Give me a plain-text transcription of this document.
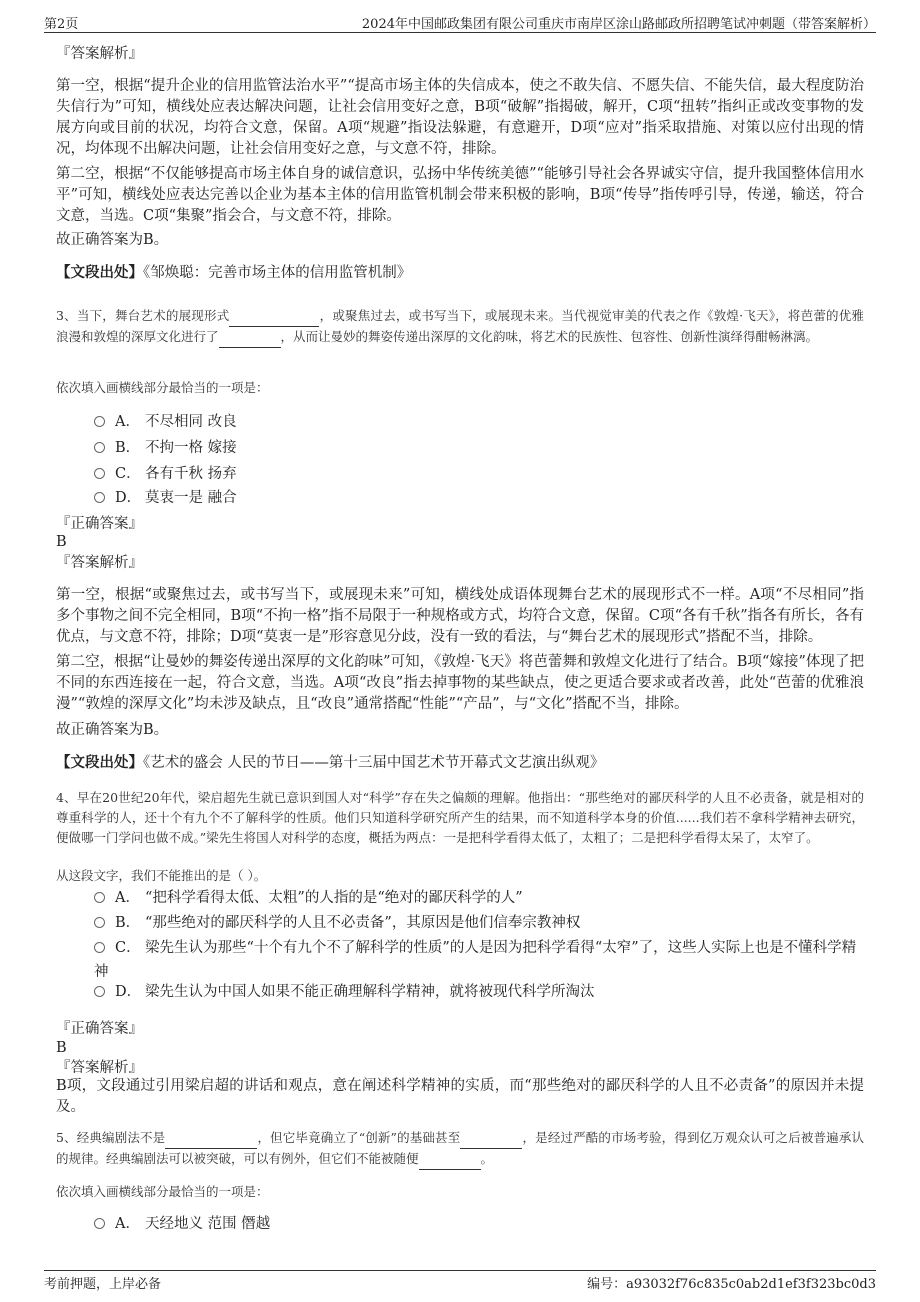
第2页	2024年中国邮政集团有限公司重庆市南岸区涂山路邮政所招聘笔试冲刺题（带答案解析）
『答案解析』

第一空，根据“提升企业的信用监管法治水平”“提高市场主体的失信成本，使之不敢失信、不愿失信、不能失信，最大程度防治失信行为”可知，横线处应表达解决问题，让社会信用变好之意，B项“破解”指揭破，解开，C项“扭转”指纠正或改变事物的发展方向或目前的状况，均符合文意，保留。A项“规避”指设法躲避，有意避开，D项“应对”指采取措施、对策以应付出现的情况，均体现不出解决问题，让社会信用变好之意，与文意不符，排除。

第二空，根据“不仅能够提高市场主体自身的诚信意识，弘扬中华传统美德”“能够引导社会各界诚实守信，提升我国整体信用水平”可知，横线处应表达完善以企业为基本主体的信用监管机制会带来积极的影响，B项“传导”指传呼引导，传递，输送，符合文意，当选。C项“集聚”指会合，与文意不符，排除。

故正确答案为B。
【文段出处】《邹焕聪：完善市场主体的信用监管机制》

3、当下，舞台艺术的展现形式	，或聚焦过去，或书写当下，或展现未来。当代视觉审美的代表之作《敦煌·飞天》，将芭蕾的优雅浪漫和敦煌的深厚文化进行了	，从而让曼妙的舞姿传递出深厚的文化韵味，将艺术的民族性、包容性、创新性演绎得酣畅淋漓。

依次填入画横线部分最恰当的一项是：
A． 不尽相同 改良
B． 不拘一格 嫁接
C． 各有千秋 扬弃
D． 莫衷一是 融合
『正确答案』
B
『答案解析』

第一空，根据“或聚焦过去，或书写当下，或展现未来”可知，横线处成语体现舞台艺术的展现形式不一样。A项“不尽相同”指多个事物之间不完全相同，B项“不拘一格”指不局限于一种规格或方式，均符合文意，保留。C项“各有千秋”指各有所长，各有优点，与文意不符，排除；D项“莫衷一是”形容意见分歧，没有一致的看法，与“舞台艺术的展现形式”搭配不当，排除。

第二空，根据“让曼妙的舞姿传递出深厚的文化韵味”可知，《敦煌·飞天》将芭蕾舞和敦煌文化进行了结合。B项“嫁接”体现了把不同的东西连接在一起，符合文意，当选。A项“改良”指去掉事物的某些缺点，使之更适合要求或者改善，此处“芭蕾的优雅浪漫”“敦煌的深厚文化”均未涉及缺点，且“改良”通常搭配“性能”“产品”，与“文化”搭配不当，排除。

故正确答案为B。
【文段出处】《艺术的盛会 人民的节日——第十三届中国艺术节开幕式文艺演出纵观》

4、早在20世纪20年代，梁启超先生就已意识到国人对“科学”存在失之偏颇的理解。他指出：“那些绝对的鄙厌科学的人且不必责备，就是相对的尊重科学的人，还十个有九个不了解科学的性质。他们只知道科学研究所产生的结果，而不知道科学本身的价值......我们若不拿科学精神去研究，便做哪一门学问也做不成。”梁先生将国人对科学的态度，概括为两点：一是把科学看得太低了，太粗了；二是把科学看得太呆了，太窄了。

从这段文字，我们不能推出的是（ ）。
A． “把科学看得太低、太粗”的人指的是“绝对的鄙厌科学的人”
B． “那些绝对的鄙厌科学的人且不必责备”，其原因是他们信奉宗教神权
C． 梁先生认为那些“十个有九个不了解科学的性质”的人是因为把科学看得“太窄”了，这些人实际上也是不懂科学精神
D． 梁先生认为中国人如果不能正确理解科学精神，就将被现代科学所淘汰
『正确答案』
B
『答案解析』

B项，文段通过引用梁启超的讲话和观点，意在阐述科学精神的实质，而“那些绝对的鄙厌科学的人且不必责备”的原因并未提及。

5、经典编剧法不是	，但它毕竟确立了“创新”的基础甚至	，是经过严酷的市场考验，得到亿万观众认可之后被普遍承认的规律。经典编剧法可以被突破，可以有例外，但它们不能被随便	。

依次填入画横线部分最恰当的一项是：
A． 天经地义 范围 僭越
考前押题，上岸必备	编号：a93032f76c835c0ab2d1ef3f323bc0d3
